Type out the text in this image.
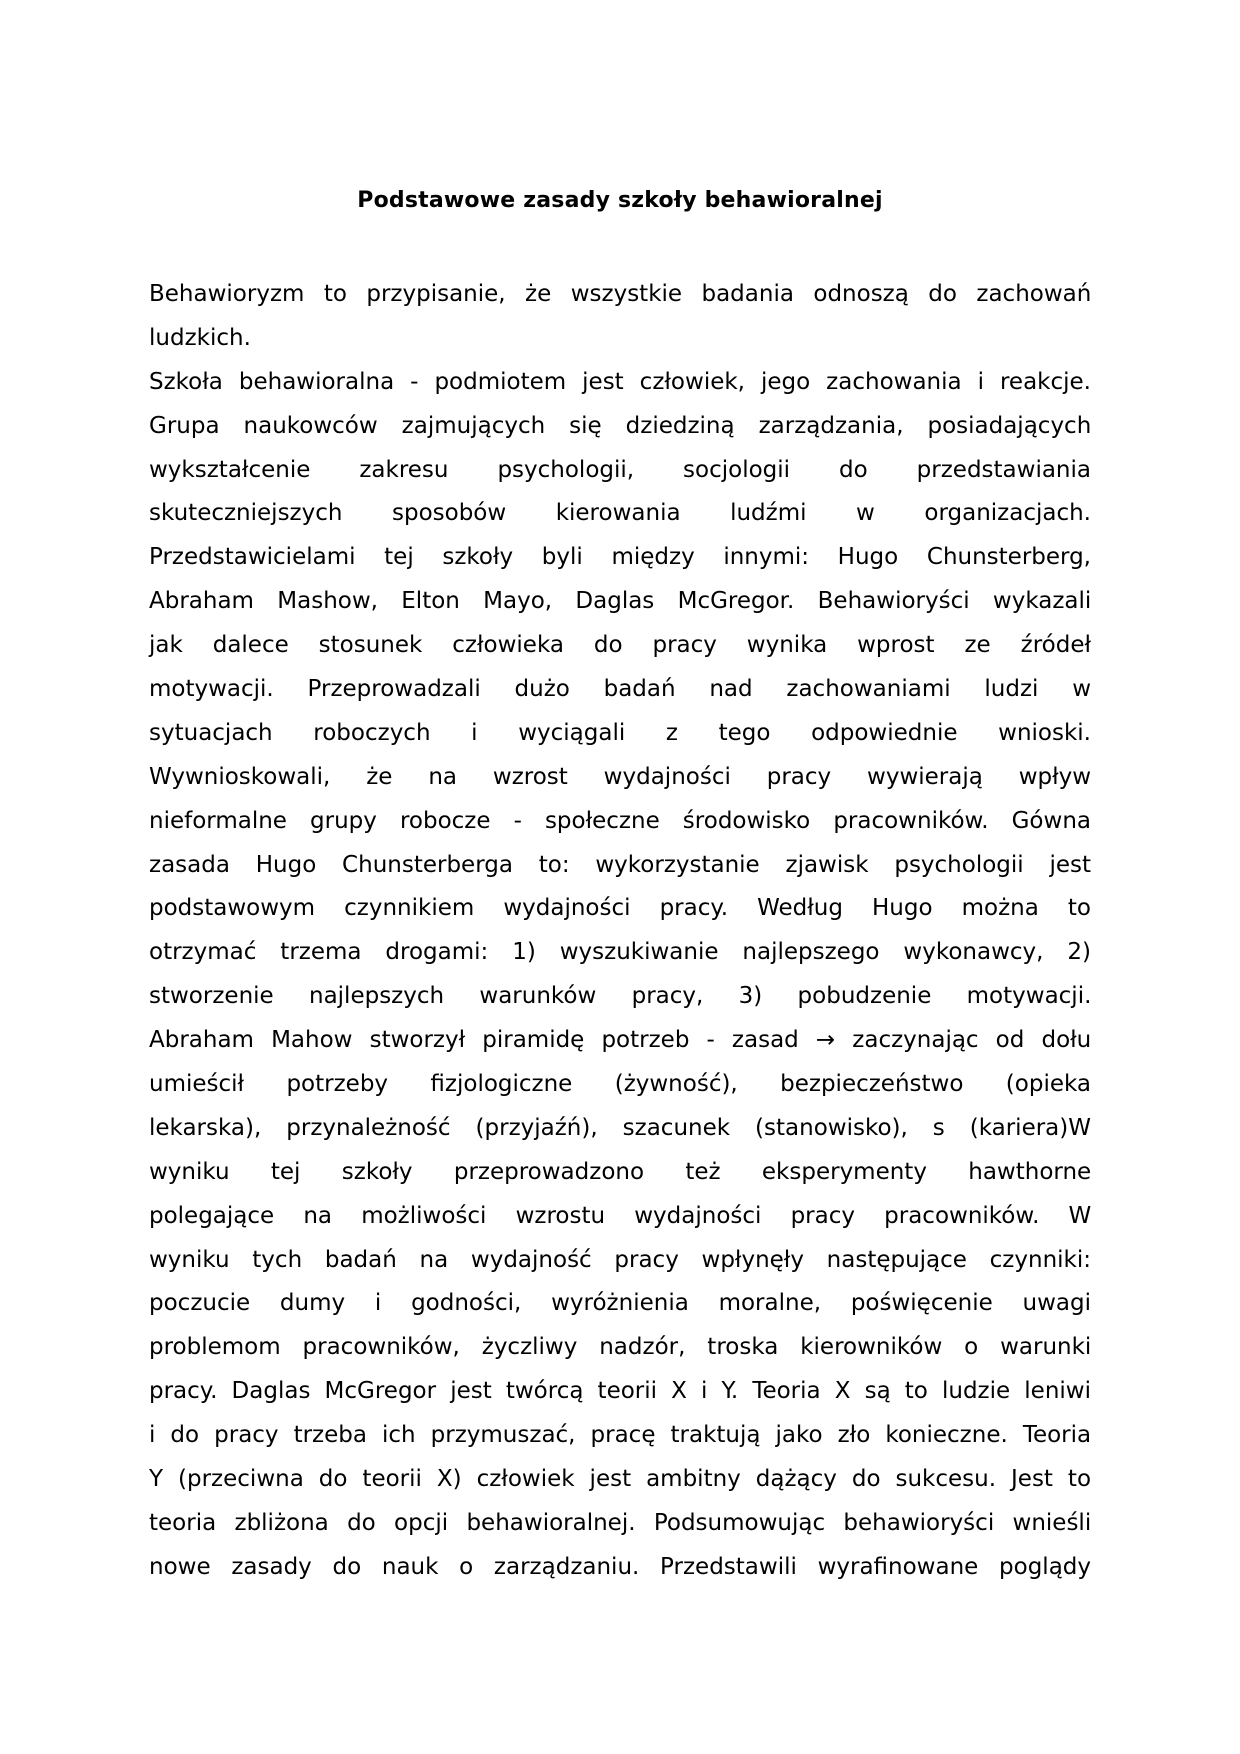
Podstawowe zasady szkoły behawioralnej
Behawioryzm to przypisanie, że wszystkie badania odnoszą do zachowań
ludzkich.
Szkoła behawioralna - podmiotem jest człowiek, jego zachowania i reakcje.
Grupa naukowców zajmujących się dziedziną zarządzania, posiadających
wykształcenie zakresu psychologii, socjologii do przedstawiania
skuteczniejszych sposobów kierowania ludźmi w organizacjach.
Przedstawicielami tej szkoły byli między innymi: Hugo Chunsterberg,
Abraham Mashow, Elton Mayo, Daglas McGregor. Behawioryści wykazali
jak dalece stosunek człowieka do pracy wynika wprost ze źródeł
motywacji. Przeprowadzali dużo badań nad zachowaniami ludzi w
sytuacjach roboczych i wyciągali z tego odpowiednie wnioski.
Wywnioskowali, że na wzrost wydajności pracy wywierają wpływ
nieformalne grupy robocze - społeczne środowisko pracowników. Gówna
zasada Hugo Chunsterberga to: wykorzystanie zjawisk psychologii jest
podstawowym czynnikiem wydajności pracy. Według Hugo można to
otrzymać trzema drogami: 1) wyszukiwanie najlepszego wykonawcy, 2)
stworzenie najlepszych warunków pracy, 3) pobudzenie motywacji.
Abraham Mahow stworzył piramidę potrzeb - zasad → zaczynając od dołu
umieścił potrzeby fizjologiczne (żywność), bezpieczeństwo (opieka
lekarska), przynależność (przyjaźń), szacunek (stanowisko), s (kariera)W
wyniku tej szkoły przeprowadzono też eksperymenty hawthorne
polegające na możliwości wzrostu wydajności pracy pracowników. W
wyniku tych badań na wydajność pracy wpłynęły następujące czynniki:
poczucie dumy i godności, wyróżnienia moralne, poświęcenie uwagi
problemom pracowników, życzliwy nadzór, troska kierowników o warunki
pracy. Daglas McGregor jest twórcą teorii X i Y. Teoria X są to ludzie leniwi
i do pracy trzeba ich przymuszać, pracę traktują jako zło konieczne. Teoria
Y (przeciwna do teorii X) człowiek jest ambitny dążący do sukcesu. Jest to
teoria zbliżona do opcji behawioralnej. Podsumowując behawioryści wnieśli
nowe zasady do nauk o zarządzaniu. Przedstawili wyrafinowane poglądy
